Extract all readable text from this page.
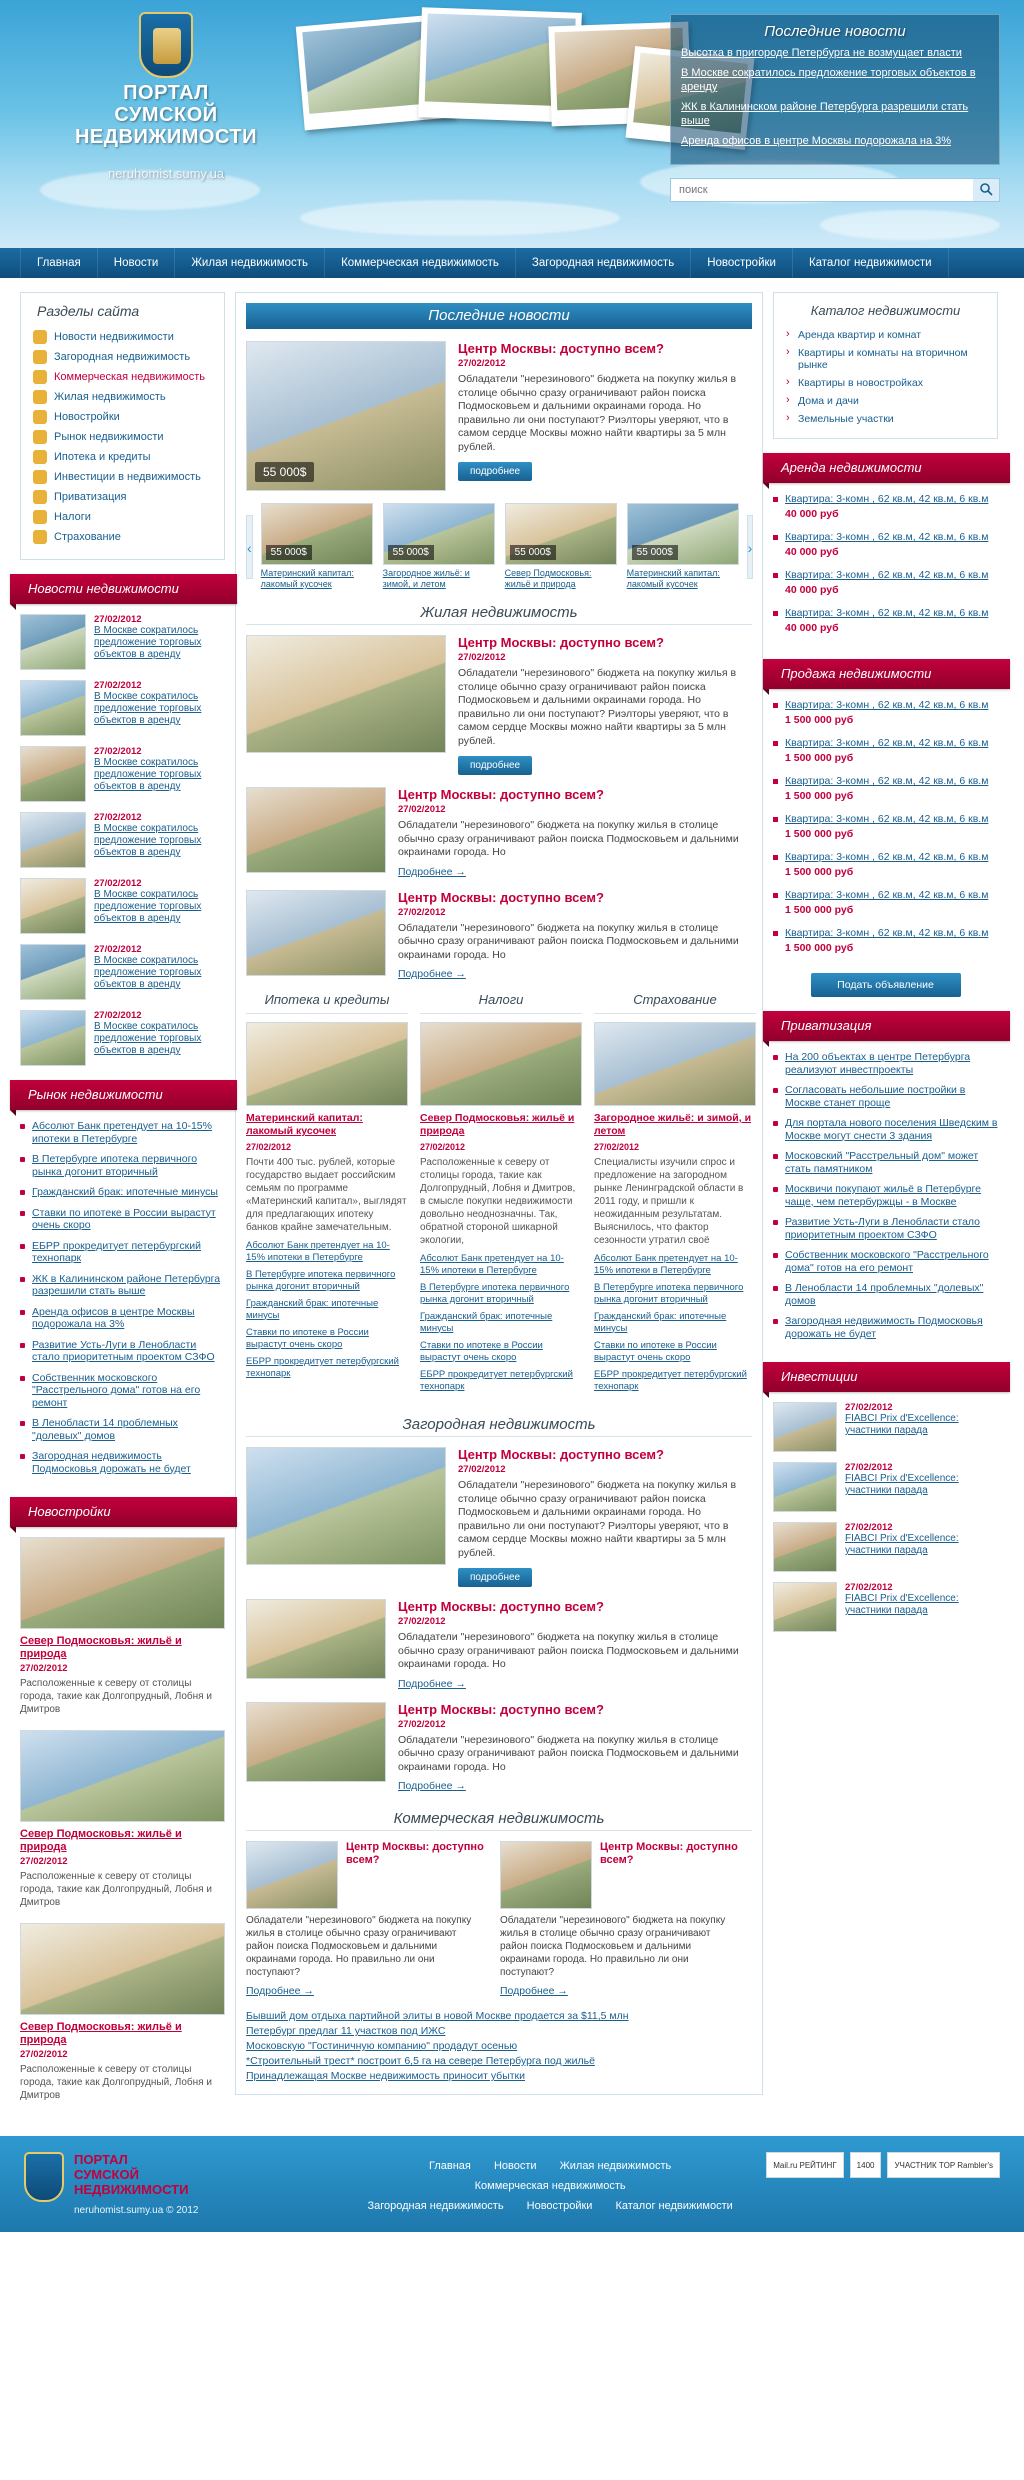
ПОРТАЛ
СУМСКОЙ
НЕДВИЖИМОСТИ
neruhomist.sumy.ua
Последние новости
Высотка в пригороде Петербурга не возмущает власти
В Москве сократилось предложение торговых объектов в аренду
ЖК в Калининском районе Петербурга разрешили стать выше
Аренда офисов в центре Москвы подорожала на 3%
поиск
Главная	Новости	Жилая недвижимость	Коммерческая недвижимость	Загородная недвижимость	Новостройки	Каталог недвижимости
Разделы сайта
Новости недвижимости
Загородная недвижимость
Коммерческая недвижимость
Жилая недвижимость
Новостройки
Рынок недвижимости
Ипотека и кредиты
Инвестиции в недвижимость
Приватизация
Налоги
Страхование
Новости недвижимости
27/02/2012
В Москве сократилось предложение торговых объектов в аренду
27/02/2012
В Москве сократилось предложение торговых объектов в аренду
27/02/2012
В Москве сократилось предложение торговых объектов в аренду
27/02/2012
В Москве сократилось предложение торговых объектов в аренду
27/02/2012
В Москве сократилось предложение торговых объектов в аренду
27/02/2012
В Москве сократилось предложение торговых объектов в аренду
27/02/2012
В Москве сократилось предложение торговых объектов в аренду
Рынок недвижимости
Абсолют Банк претендует на 10-15% ипотеки в Петербурге
В Петербурге ипотека первичного рынка догонит вторичный
Гражданский брак: ипотечные минусы
Ставки по ипотеке в России вырастут очень скоро
ЕБРР прокредитует петербургский технопарк
ЖК в Калининском районе Петербурга разрешили стать выше
Аренда офисов в центре Москвы подорожала на 3%
Развитие Усть-Луги в Ленобласти стало приоритетным проектом СЗФО
Собственник московского "Расстрельного дома" готов на его ремонт
В Ленобласти 14 проблемных "долевых" домов
Загородная недвижимость Подмосковья дорожать не будет
Новостройки
Север Подмосковья: жильё и природа
27/02/2012
Расположенные к северу от столицы города, такие как Долгопрудный, Лобня и Дмитров
Север Подмосковья: жильё и природа
27/02/2012
Расположенные к северу от столицы города, такие как Долгопрудный, Лобня и Дмитров
Север Подмосковья: жильё и природа
27/02/2012
Расположенные к северу от столицы города, такие как Долгопрудный, Лобня и Дмитров
Последние новости
55 000$
Центр Москвы: доступно всем?
27/02/2012
Обладатели "нерезинового" бюджета на покупку жилья в столице обычно сразу ограничивают район поиска Подмосковьем и дальними окраинами города. Но правильно ли они поступают? Риэлторы уверяют, что в самом сердце Москвы можно найти квартиры за 5 млн рублей.
подробнее
‹	55 000$
Материнский капитал: лакомый кусочек
55 000$
Загородное жильё: и зимой, и летом
55 000$
Север Подмосковья: жильё и природа
55 000$
Материнский капитал: лакомый кусочек
›
Жилая недвижимость
Центр Москвы: доступно всем?
27/02/2012
Обладатели "нерезинового" бюджета на покупку жилья в столице обычно сразу ограничивают район поиска Подмосковьем и дальними окраинами города. Но правильно ли они поступают? Риэлторы уверяют, что в самом сердце Москвы можно найти квартиры за 5 млн рублей.
подробнее
Центр Москвы: доступно всем?
27/02/2012
Обладатели "нерезинового" бюджета на покупку жилья в столице обычно сразу ограничивают район поиска Подмосковьем и дальними окраинами города. Но
Подробнее →
Центр Москвы: доступно всем?
27/02/2012
Обладатели "нерезинового" бюджета на покупку жилья в столице обычно сразу ограничивают район поиска Подмосковьем и дальними окраинами города. Но
Подробнее →
Ипотека и кредиты
Материнский капитал: лакомый кусочек
27/02/2012
Почти 400 тыс. рублей, которые государство выдает российским семьям по программе «Материнский капитал», выглядят для предлагающих ипотеку банков крайне замечательным.
Абсолют Банк претендует на 10-15% ипотеки в Петербурге
В Петербурге ипотека первичного рынка догонит вторичный
Гражданский брак: ипотечные минусы
Ставки по ипотеке в России вырастут очень скоро
ЕБРР прокредитует петербургский технопарк
Налоги
Север Подмосковья: жильё и природа
27/02/2012
Расположенные к северу от столицы города, такие как Долгопрудный, Лобня и Дмитров, в смысле покупки недвижимости довольно неоднозначны. Так, обратной стороной шикарной экологии,
Абсолют Банк претендует на 10-15% ипотеки в Петербурге
В Петербурге ипотека первичного рынка догонит вторичный
Гражданский брак: ипотечные минусы
Ставки по ипотеке в России вырастут очень скоро
ЕБРР прокредитует петербургский технопарк
Страхование
Загородное жильё: и зимой, и летом
27/02/2012
Специалисты изучили спрос и предложение на загородном рынке Ленинградской области в 2011 году, и пришли к неожиданным результатам. Выяснилось, что фактор сезонности утратил своё
Абсолют Банк претендует на 10-15% ипотеки в Петербурге
В Петербурге ипотека первичного рынка догонит вторичный
Гражданский брак: ипотечные минусы
Ставки по ипотеке в России вырастут очень скоро
ЕБРР прокредитует петербургский технопарк
Загородная недвижимость
Центр Москвы: доступно всем?
27/02/2012
Обладатели "нерезинового" бюджета на покупку жилья в столице обычно сразу ограничивают район поиска Подмосковьем и дальними окраинами города. Но правильно ли они поступают? Риэлторы уверяют, что в самом сердце Москвы можно найти квартиры за 5 млн рублей.
подробнее
Центр Москвы: доступно всем?
27/02/2012
Обладатели "нерезинового" бюджета на покупку жилья в столице обычно сразу ограничивают район поиска Подмосковьем и дальними окраинами города. Но
Подробнее →
Центр Москвы: доступно всем?
27/02/2012
Обладатели "нерезинового" бюджета на покупку жилья в столице обычно сразу ограничивают район поиска Подмосковьем и дальними окраинами города. Но
Подробнее →
Коммерческая недвижимость
Центр Москвы: доступно всем?
Обладатели "нерезинового" бюджета на покупку жилья в столице обычно сразу ограничивают район поиска Подмосковьем и дальними окраинами города. Но правильно ли они поступают?
Подробнее →
Центр Москвы: доступно всем?
Обладатели "нерезинового" бюджета на покупку жилья в столице обычно сразу ограничивают район поиска Подмосковьем и дальними окраинами города. Но правильно ли они поступают?
Подробнее →
Бывший дом отдыха партийной элиты в новой Москве продается за $11,5 млн
Петербург предлаг 11 участков под ИЖС
Московскую "Гостиничную компанию" продадут осенью
*Строительный трест* построит 6,5 га на севере Петербурга под жильё
Принадлежащая Москве недвижимость приносит убытки
Каталог недвижимости
› Аренда квартир и комнат
› Квартиры и комнаты на вторичном рынке
› Квартиры в новостройках
› Дома и дачи
› Земельные участки
Аренда недвижимости
Квартира: 3-комн , 62 кв.м, 42 кв.м, 6 кв.м
40 000 руб
Квартира: 3-комн , 62 кв.м, 42 кв.м, 6 кв.м
40 000 руб
Квартира: 3-комн , 62 кв.м, 42 кв.м, 6 кв.м
40 000 руб
Квартира: 3-комн , 62 кв.м, 42 кв.м, 6 кв.м
40 000 руб
Продажа недвижимости
Квартира: 3-комн , 62 кв.м, 42 кв.м, 6 кв.м
1 500 000 руб
Квартира: 3-комн , 62 кв.м, 42 кв.м, 6 кв.м
1 500 000 руб
Квартира: 3-комн , 62 кв.м, 42 кв.м, 6 кв.м
1 500 000 руб
Квартира: 3-комн , 62 кв.м, 42 кв.м, 6 кв.м
1 500 000 руб
Квартира: 3-комн , 62 кв.м, 42 кв.м, 6 кв.м
1 500 000 руб
Квартира: 3-комн , 62 кв.м, 42 кв.м, 6 кв.м
1 500 000 руб
Квартира: 3-комн , 62 кв.м, 42 кв.м, 6 кв.м
1 500 000 руб
Подать объявление
Приватизация
На 200 объектах в центре Петербурга реализуют инвестпроекты
Согласовать небольшие постройки в Москве станет проще
Для портала нового поселения Шведским в Москве могут снести 3 здания
Московский "Расстрельный дом" может стать памятником
Москвичи покупают жильё в Петербурге чаще, чем петербуржцы - в Москве
Развитие Усть-Луги в Ленобласти стало приоритетным проектом СЗФО
Собственник московского "Расстрельного дома" готов на его ремонт
В Ленобласти 14 проблемных "долевых" домов
Загородная недвижимость Подмосковья дорожать не будет
Инвестиции
27/02/2012
FIABCI Prix d'Excellence: участники парада
27/02/2012
FIABCI Prix d'Excellence: участники парада
27/02/2012
FIABCI Prix d'Excellence: участники парада
27/02/2012
FIABCI Prix d'Excellence: участники парада
ПОРТАЛ
СУМСКОЙ
НЕДВИЖИМОСТИ
neruhomist.sumy.ua © 2012
Главная Новости Жилая недвижимость Коммерческая недвижимость
Загородная недвижимость Новостройки Каталог недвижимости
Mail.ru РЕЙТИНГ	1400	УЧАСТНИК TOP Rambler's
